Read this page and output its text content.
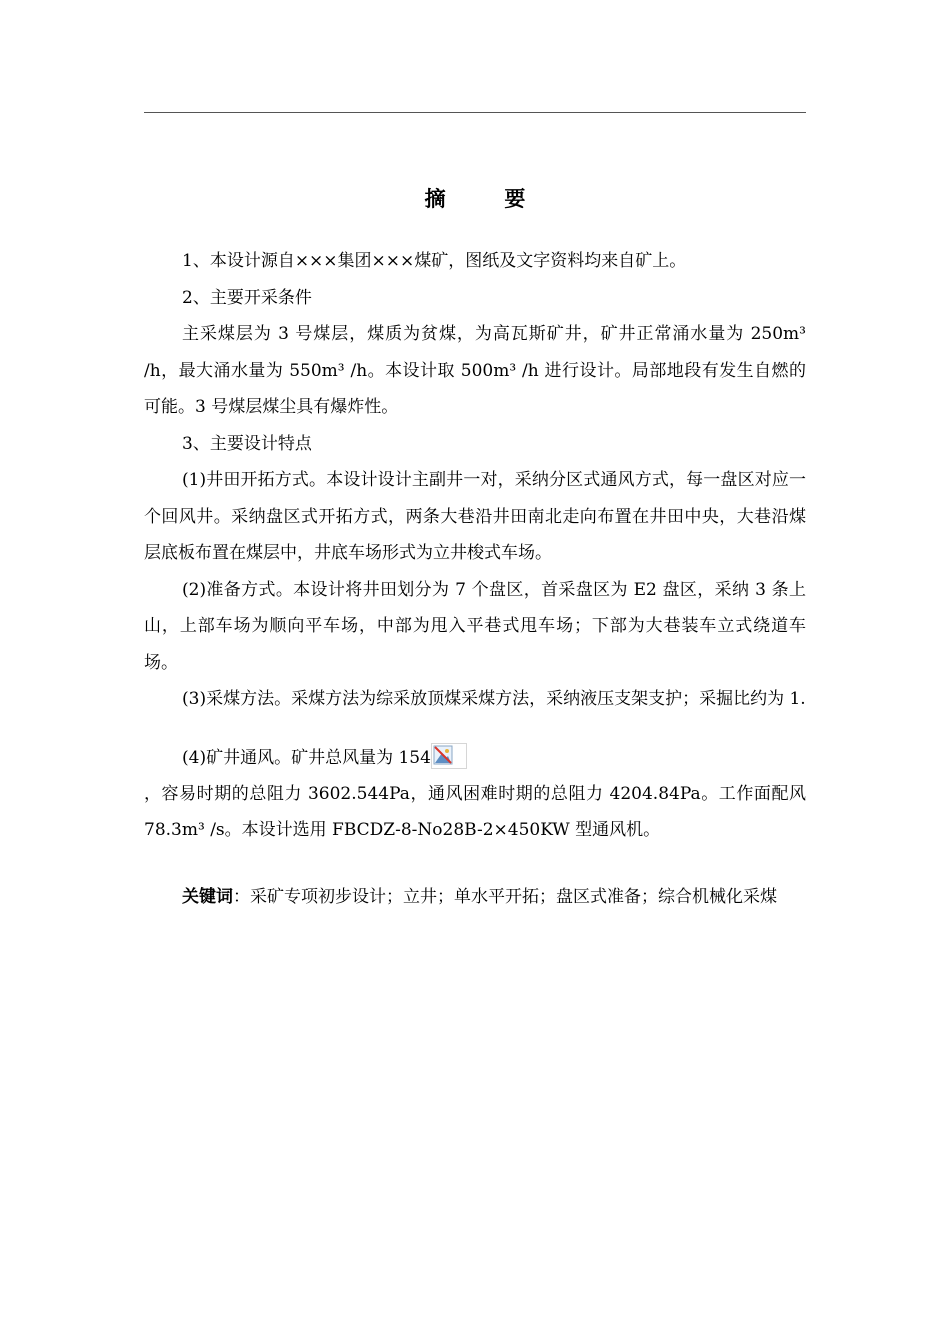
摘　要

1、本设计源自×××集团×××煤矿，图纸及文字资料均来自矿上。

2、主要开采条件

主采煤层为 3 号煤层，煤质为贫煤，为高瓦斯矿井，矿井正常涌水量为 250m³ /h，最大涌水量为 550m³ /h。本设计取 500m³ /h 进行设计。局部地段有发生自燃的可能。3 号煤层煤尘具有爆炸性。

3、主要设计特点

(1)井田开拓方式。本设计设计主副井一对，采纳分区式通风方式，每一盘区对应一个回风井。采纳盘区式开拓方式，两条大巷沿井田南北走向布置在井田中央，大巷沿煤层底板布置在煤层中，井底车场形式为立井梭式车场。

(2)准备方式。本设计将井田划分为 7 个盘区，首采盘区为 E2 盘区，采纳 3 条上山，上部车场为顺向平车场，中部为甩入平巷式甩车场；下部为大巷装车立式绕道车场。

(3)采煤方法。采煤方法为综采放顶煤采煤方法，采纳液压支架支护；采掘比约为 1.

(4)矿井通风。矿井总风量为 154

，容易时期的总阻力 3602.544Pa，通风困难时期的总阻力 4204.84Pa。工作面配风 78.3m³ /s。本设计选用 FBCDZ-8-No28B-2×450KW 型通风机。

关键词：采矿专项初步设计；立井；单水平开拓；盘区式准备；综合机械化采煤
